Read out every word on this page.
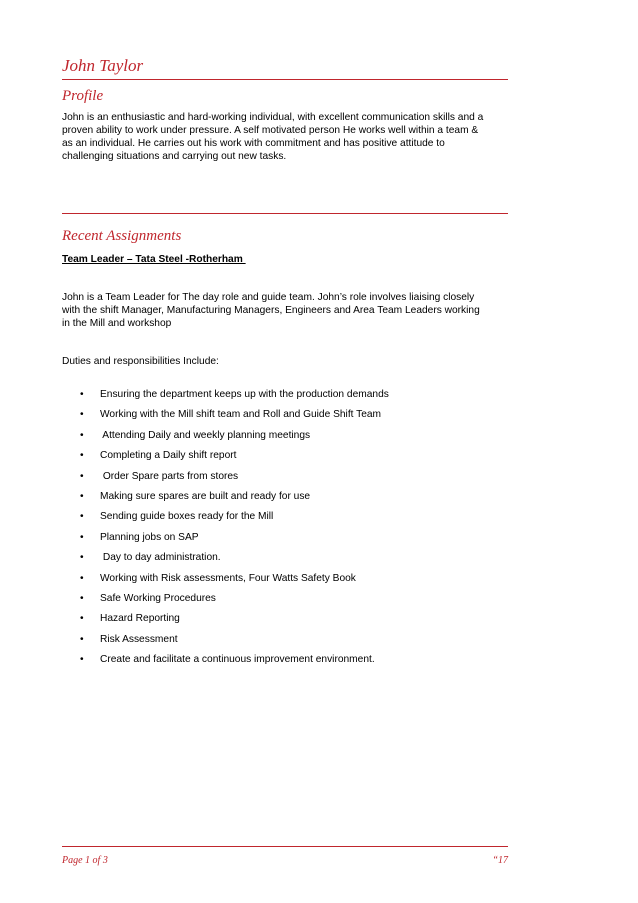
John Taylor
Profile
John is an enthusiastic and hard-working individual, with excellent communication skills and a
proven ability to work under pressure. A self motivated person He works well within a team &
as an individual. He carries out his work with commitment and has positive attitude to
challenging situations and carrying out new tasks.
Recent Assignments
Team Leader – Tata Steel -Rotherham
John is a Team Leader for The day role and guide team. John’s role involves liaising closely
with the shift Manager, Manufacturing Managers, Engineers and Area Team Leaders working
in the Mill and workshop
Duties and responsibilities Include:
• Ensuring the department keeps up with the production demands
• Working with the Mill shift team and Roll and Guide Shift Team
• Attending Daily and weekly planning meetings
• Completing a Daily shift report
• Order Spare parts from stores
• Making sure spares are built and ready for use
• Sending guide boxes ready for the Mill
• Planning jobs on SAP
• Day to day administration.
• Working with Risk assessments, Four Watts Safety Book
• Safe Working Procedures
• Hazard Reporting
• Risk Assessment
• Create and facilitate a continuous improvement environment.
Page 1 of 3	“17
